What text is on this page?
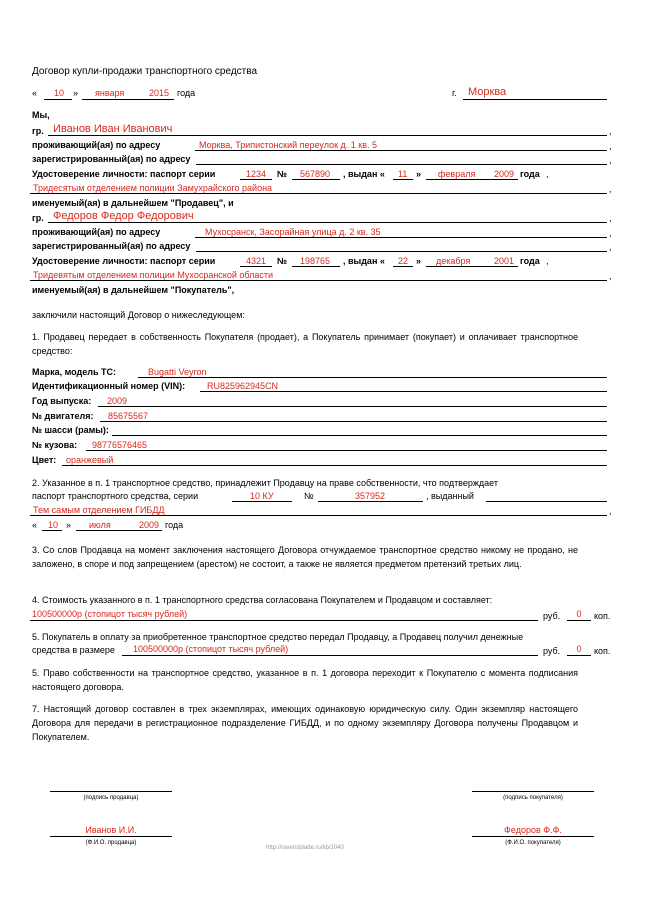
Договор купли-продажи транспортного средства
«	10	» января	2015 года	г. Морква
Мы,
гр. Иванов Иван Иванович	,
проживающий(ая) по адресу	Морква, Трипистонский переулок д. 1 кв. 5	,
зарегистрированный(ая) по адресу	,
Удостоверение личности: паспорт серии	1234 № 567890 , выдан « 11 » февраля 2009 года ,
Тридесятым отделением полиции Замухрайского района	,
именуемый(ая) в дальнейшем "Продавец", и
гр. Федоров Федор Федорович	,
проживающий(ая) по адресу	Мухосранск, Засорайная улица д. 2 кв. 35	,
зарегистрированный(ая) по адресу	,
Удостоверение личности: паспорт серии	4321 № 198765 , выдан « 22 » декабря	2001 года ,
Тридевятым отделением полиции Мухосранской области	,
именуемый(ая) в дальнейшем "Покупатель",
заключили настоящий Договор о нижеследующем:
1. Продавец передает в собственность Покупателя (продает), а Покупатель принимает (покупает) и оплачивает транспортное средство:
Марка, модель ТС:	Bugatti Veyron
Идентификационный номер (VIN): RU825962945CN
Год выпуска: 2009
№ двигателя: 85675567
№ шасси (рамы):
№ кузова: 98776576465
Цвет: оранжевый
2. Указанное в п. 1 транспортное средство, принадлежит Продавцу на праве собственности, что подтверждает
паспорт транспортного средства, серии	10 КУ	№	357952	, выданный
Тем самым отделением ГИБДД	,
«	10 » июля	2009 года
3. Со слов Продавца на момент заключения настоящего Договора отчуждаемое транспортное средство никому не продано, не заложено, в споре и под запрещением (арестом) не состоит, а также не является предметом претензий третьих лиц.
4. Стоимость указанного в п. 1 транспортного средства согласована Покупателем и Продавцом и составляет:
100500000р (стопицот тысяч рублей)	руб.	0	коп.
5. Покупатель в оплату за приобретенное транспортное средство передал Продавцу, а Продавец получил денежные
средства в размере 100500000р (стопицот тысяч рублей)	руб.	0	коп.
5. Право собственности на транспортное средство, указанное в п. 1 договора переходит к Покупателю с момента подписания настоящего договора.
7. Настоящий договор составлен в трех экземплярах, имеющих одинаковую юридическую силу. Один экземпляр настоящего Договора для передачи в регистрационное подразделение ГИБДД, и по одному экземпляру Договора получены Продавцом и Покупателем.
(подпись продавца)	(подпись покупателя)
Иванов И.И.
(Ф.И.О. продавца)
Федоров Ф.Ф.
(Ф.И.О. покупателя)
http://ravensblade.ru/kb/1040
